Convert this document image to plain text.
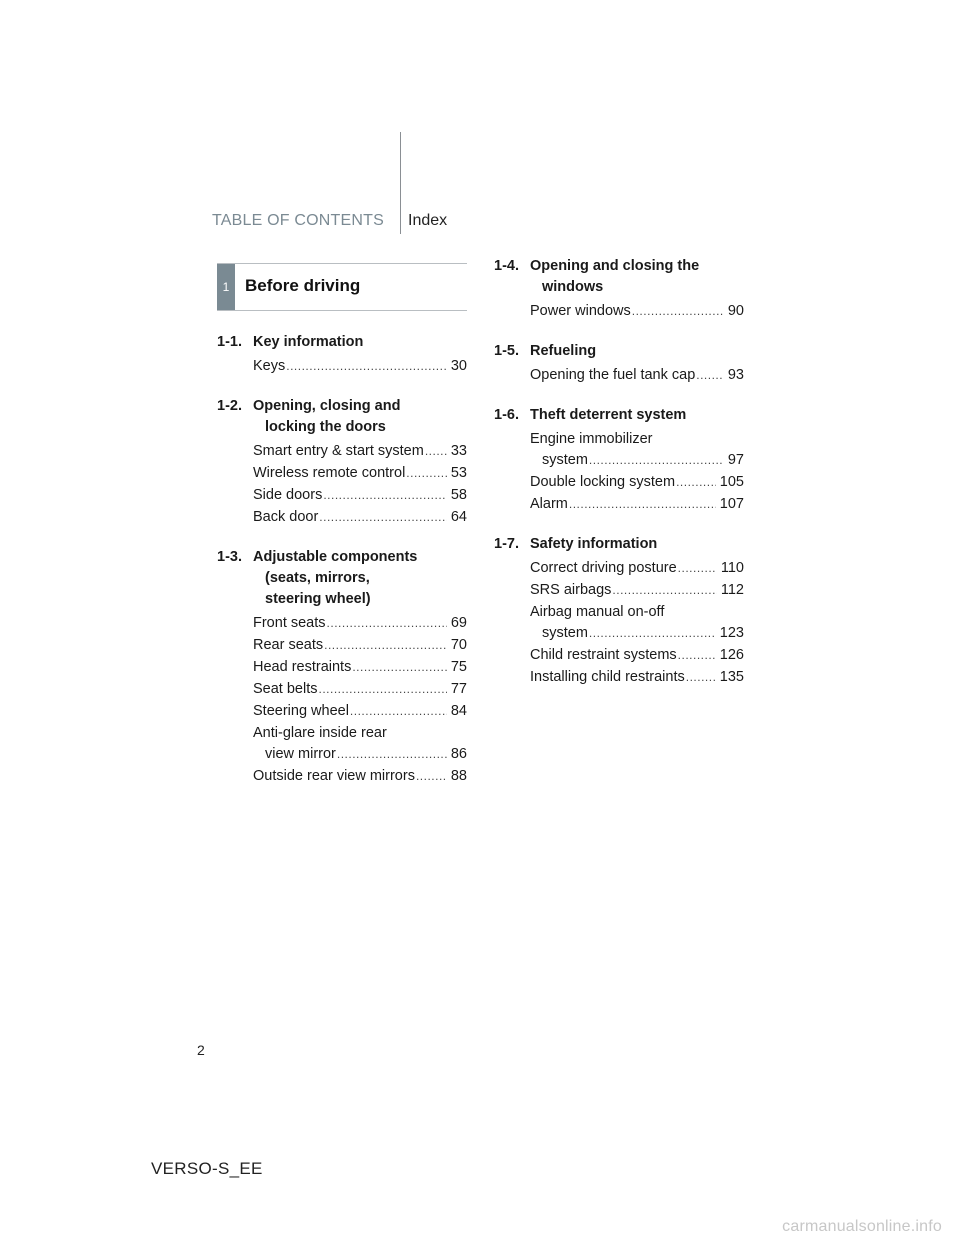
TABLE OF CONTENTS Index
1 Before driving
1-1. Key information
Keys .....	30
1-2. Opening, closing and
locking the doors
Smart entry & start system ..... 33
Wireless remote control .....	53
Side doors .....	58
Back door .....	64
1-3. Adjustable components
(seats, mirrors,
steering wheel)
Front seats .....	69
Rear seats .....	70
Head restraints .....	75
Seat belts .....	77
Steering wheel .....	84
Anti-glare inside rear
view mirror .....	86
Outside rear view mirrors ..... 88
1-4. Opening and closing the
windows
Power windows .....	90
1-5. Refueling
Opening the fuel tank cap ..... 93
1-6. Theft deterrent system
Engine immobilizer
system .....	97
Double locking system .....	105
Alarm .....	107
1-7. Safety information
Correct driving posture .....	110
SRS airbags .....	112
Airbag manual on-off
system .....	123
Child restraint systems .....	126
Installing child restraints ..... 135
2
VERSO-S_EE
carmanualsonline.info
